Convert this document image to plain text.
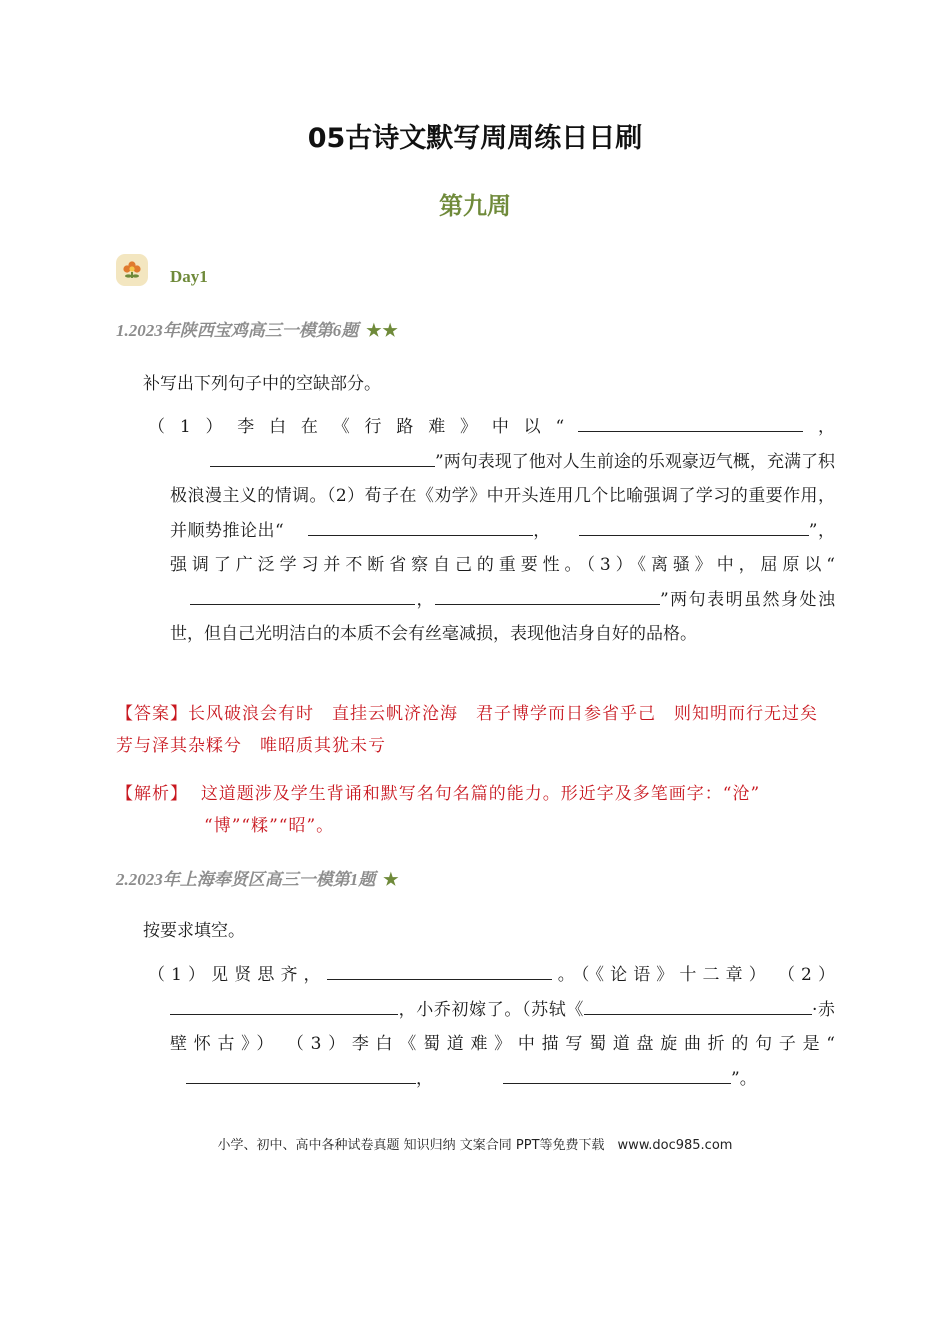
05古诗文默写周周练日日刷
第九周
Day1
1.2023年陕西宝鸡高三一模第6题 ★★
补写出下列句子中的空缺部分。
（1）李白在《行路难》中以“	，”两句表现了他对人生前途的乐观豪迈气概，充满了积极浪漫主义的情调。（2）荀子在《劝学》中开头连用几个比喻强调了学习的重要作用，并顺势推论出“	，	”，强调了广泛学习并不断省察自己的重要性。（3）《离骚》中，屈原以“，	”两句表明虽然身处浊世，但自己光明洁白的本质不会有丝毫减损，表现他洁身自好的品格。
【答案】长风破浪会有时　直挂云帆济沧海　君子博学而日参省乎己　则知明而行无过矣　芳与泽其杂糅兮　唯昭质其犹未亏
【解析】 这道题涉及学生背诵和默写名句名篇的能力。形近字及多笔画字：“沧”
“博”“糅”“昭”。
2.2023年上海奉贤区高三一模第1题 ★
按要求填空。
（1）见贤思齐，	。（《论语》十二章）　（2），小乔初嫁了。（苏轼《	·赤壁怀古》）　（3）李白《蜀道难》中描写蜀道盘旋曲折的句子是“，	”。
小学、初中、高中各种试卷真题 知识归纳 文案合同 PPT等免费下载　www.doc985.com
